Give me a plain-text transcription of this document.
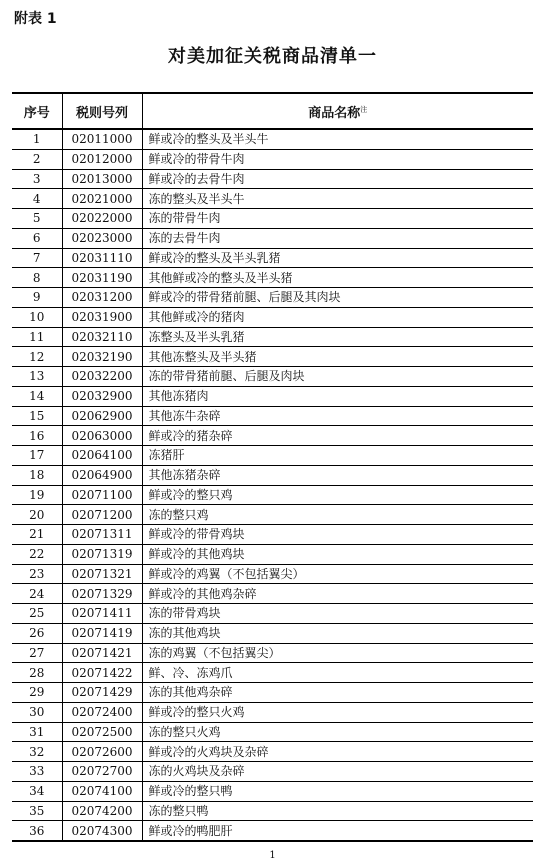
附表 1
对美加征关税商品清单一
序号	税则号列	商品名称$^注$
1	02011000	鲜或冷的整头及半头牛
2	02012000	鲜或冷的带骨牛肉
3	02013000	鲜或冷的去骨牛肉
4	02021000	冻的整头及半头牛
5	02022000	冻的带骨牛肉
6	02023000	冻的去骨牛肉
7	02031110	鲜或冷的整头及半头乳猪
8	02031190	其他鲜或冷的整头及半头猪
9	02031200	鲜或冷的带骨猪前腿、后腿及其肉块
10	02031900	其他鲜或冷的猪肉
11	02032110	冻整头及半头乳猪
12	02032190	其他冻整头及半头猪
13	02032200	冻的带骨猪前腿、后腿及肉块
14	02032900	其他冻猪肉
15	02062900	其他冻牛杂碎
16	02063000	鲜或冷的猪杂碎
17	02064100	冻猪肝
18	02064900	其他冻猪杂碎
19	02071100	鲜或冷的整只鸡
20	02071200	冻的整只鸡
21	02071311	鲜或冷的带骨鸡块
22	02071319	鲜或冷的其他鸡块
23	02071321	鲜或冷的鸡翼（不包括翼尖）
24	02071329	鲜或冷的其他鸡杂碎
25	02071411	冻的带骨鸡块
26	02071419	冻的其他鸡块
27	02071421	冻的鸡翼（不包括翼尖）
28	02071422	鲜、冷、冻鸡爪
29	02071429	冻的其他鸡杂碎
30	02072400	鲜或冷的整只火鸡
31	02072500	冻的整只火鸡
32	02072600	鲜或冷的火鸡块及杂碎
33	02072700	冻的火鸡块及杂碎
34	02074100	鲜或冷的整只鸭
35	02074200	冻的整只鸭
36	02074300	鲜或冷的鸭肥肝
1
